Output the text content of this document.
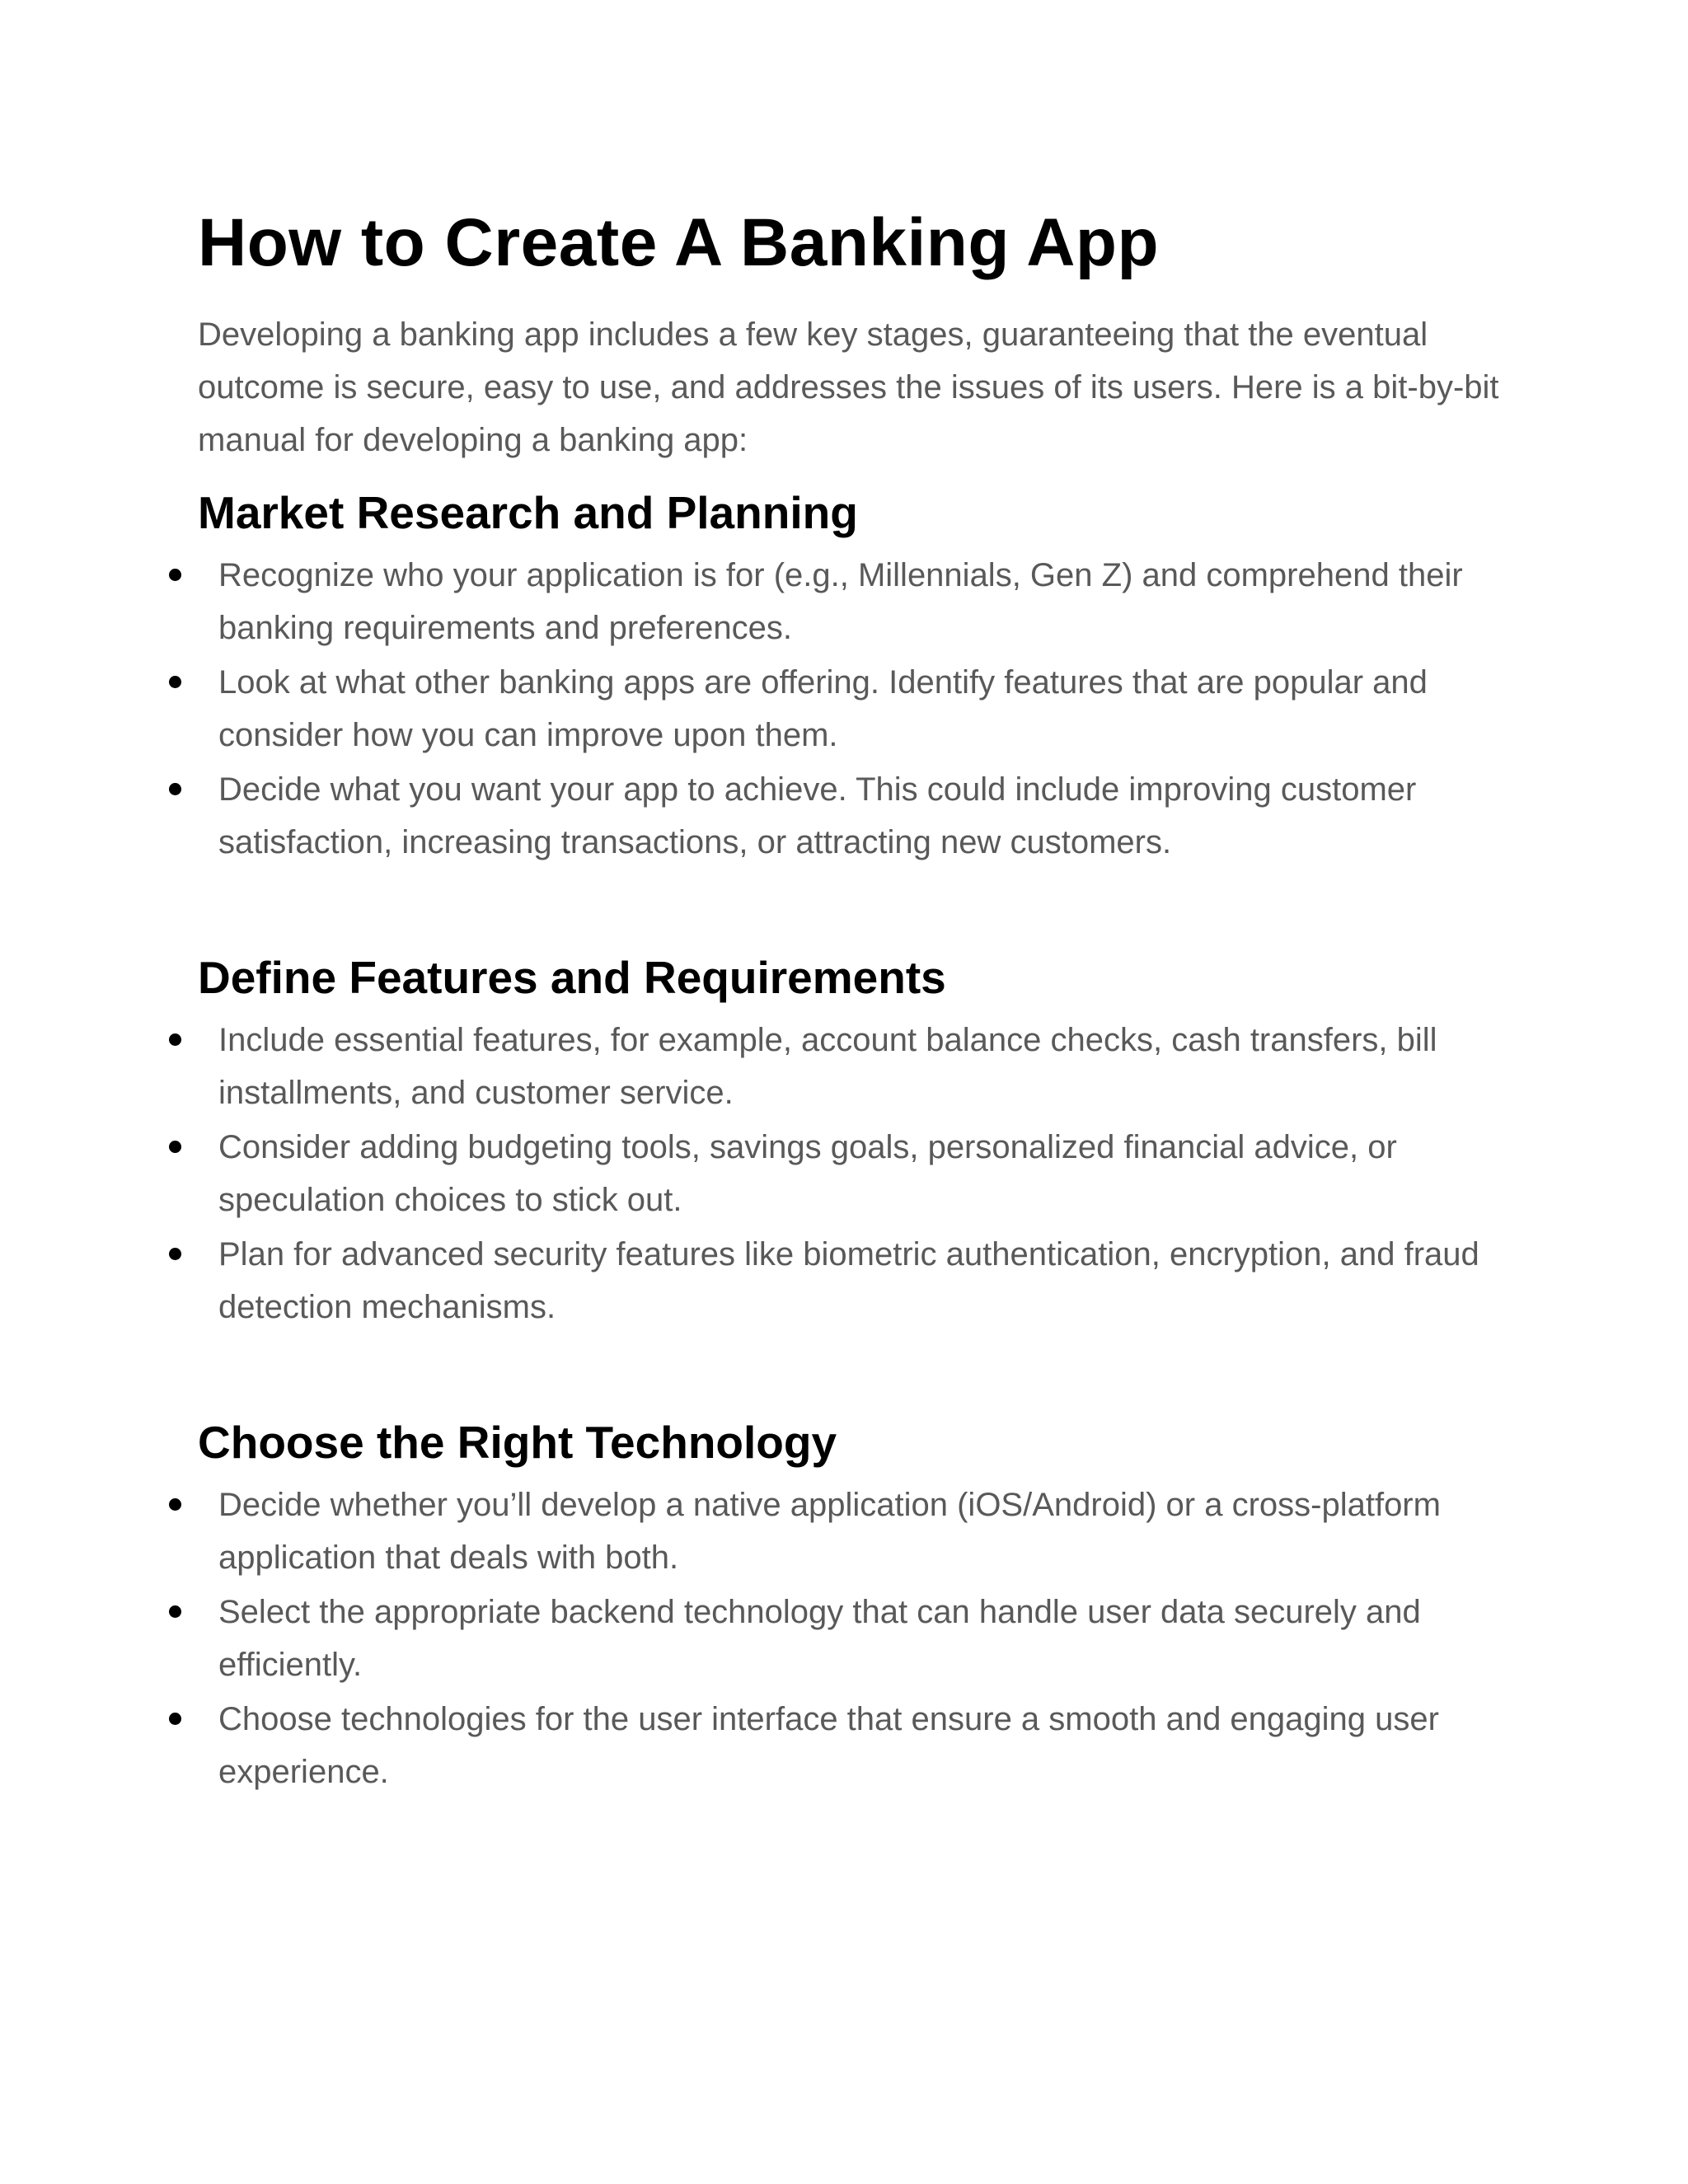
How to Create A Banking App

Developing a banking app includes a few key stages, guaranteeing that the eventual outcome is secure, easy to use, and addresses the issues of its users. Here is a bit-by-bit manual for developing a banking app:

Market Research and Planning
Recognize who your application is for (e.g., Millennials, Gen Z) and comprehend their banking requirements and preferences.
Look at what other banking apps are offering. Identify features that are popular and consider how you can improve upon them.
Decide what you want your app to achieve. This could include improving customer satisfaction, increasing transactions, or attracting new customers.
Define Features and Requirements
Include essential features, for example, account balance checks, cash transfers, bill installments, and customer service.
Consider adding budgeting tools, savings goals, personalized financial advice, or speculation choices to stick out.
Plan for advanced security features like biometric authentication, encryption, and fraud detection mechanisms.
Choose the Right Technology
Decide whether you’ll develop a native application (iOS/Android) or a cross-platform application that deals with both.
Select the appropriate backend technology that can handle user data securely and efficiently.
Choose technologies for the user interface that ensure a smooth and engaging user experience.
